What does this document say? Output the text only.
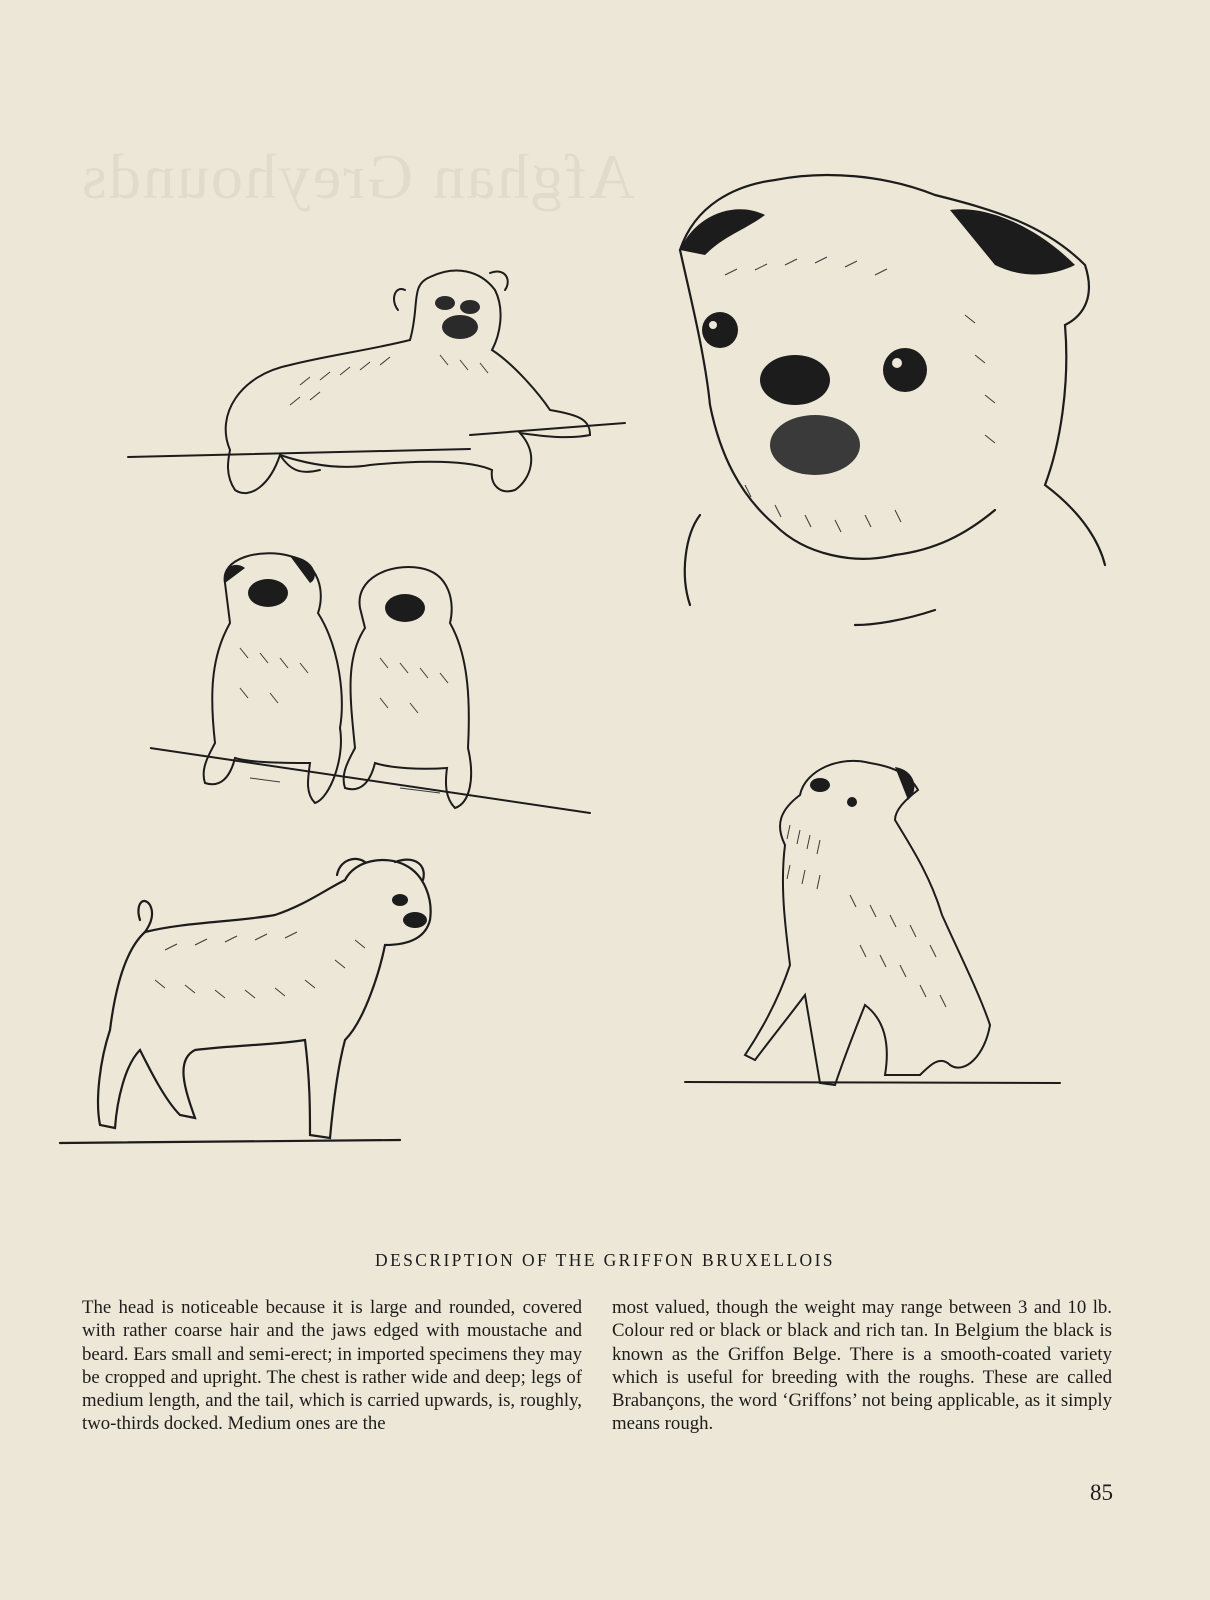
Afghan Greyhounds
DESCRIPTION OF THE GRIFFON BRUXELLOIS

The head is noticeable because it is large and rounded, covered with rather coarse hair and the jaws edged with moustache and beard. Ears small and semi-erect; in imported specimens they may be cropped and upright. The chest is rather wide and deep; legs of medium length, and the tail, which is carried upwards, is, roughly, two-thirds docked. Medium ones are the

most valued, though the weight may range between 3 and 10 lb. Colour red or black or black and rich tan. In Belgium the black is known as the Griffon Belge. There is a smooth-coated variety which is useful for breeding with the roughs. These are called Brabançons, the word ‘Griffons’ not being applicable, as it simply means rough.

85
